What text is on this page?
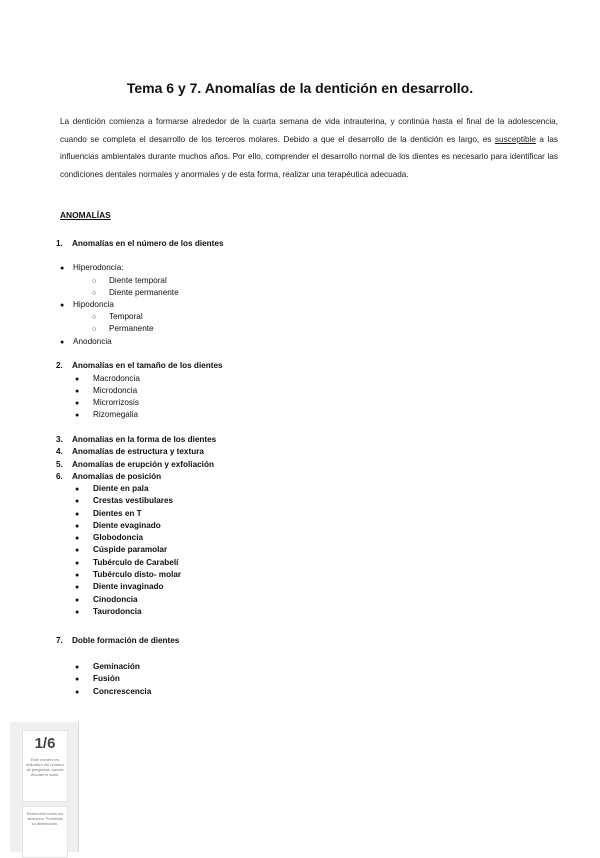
Tema 6 y 7. Anomalías de la dentición en desarrollo.
La dentición comienza a formarse alrededor de la cuarta semana de vida intrauterina, y continúa hasta el final de la adolescencia, cuando se completa el desarrollo de los terceros molares. Debido a que el desarrollo de la dentición es largo, es susceptible a las influencias ambientales durante muchos años. Por ello, comprender el desarrollo normal de los dientes es necesario para identificar las condiciones dentales normales y anormales y de esta forma, realizar una terapéutica adecuada.
ANOMALÍAS
1. Anomalías en el número de los dientes
● Hiperodoncia:
○ Diente temporal
○ Diente permanente
● Hipodoncia
○ Temporal
○ Permanente
● Anodoncia
2. Anomalías en el tamaño de los dientes
● Macrodoncia
● Microdoncia
● Microrrizosis
● Rizomegalia
3. Anomalías en la forma de los dientes
4. Anomalías de estructura y textura
5. Anomalías de erupción y exfoliación
6. Anomalías de posición
● Diente en pala
● Crestas vestibulares
● Dientes en T
● Diente evaginado
● Globodoncia
● Cúspide paramolar
● Tubérculo de Carabelí
● Tubérculo disto- molar
● Diente invaginado
● Cinodoncia
● Taurodoncia
7. Doble formación de dientes
● Geminación
● Fusión
● Concrescencia
1/6
Este número es indicativo del número de preguntas, siendo Wuolah el autor.
Reservado todos los derechos. Prohibida su distribución.
